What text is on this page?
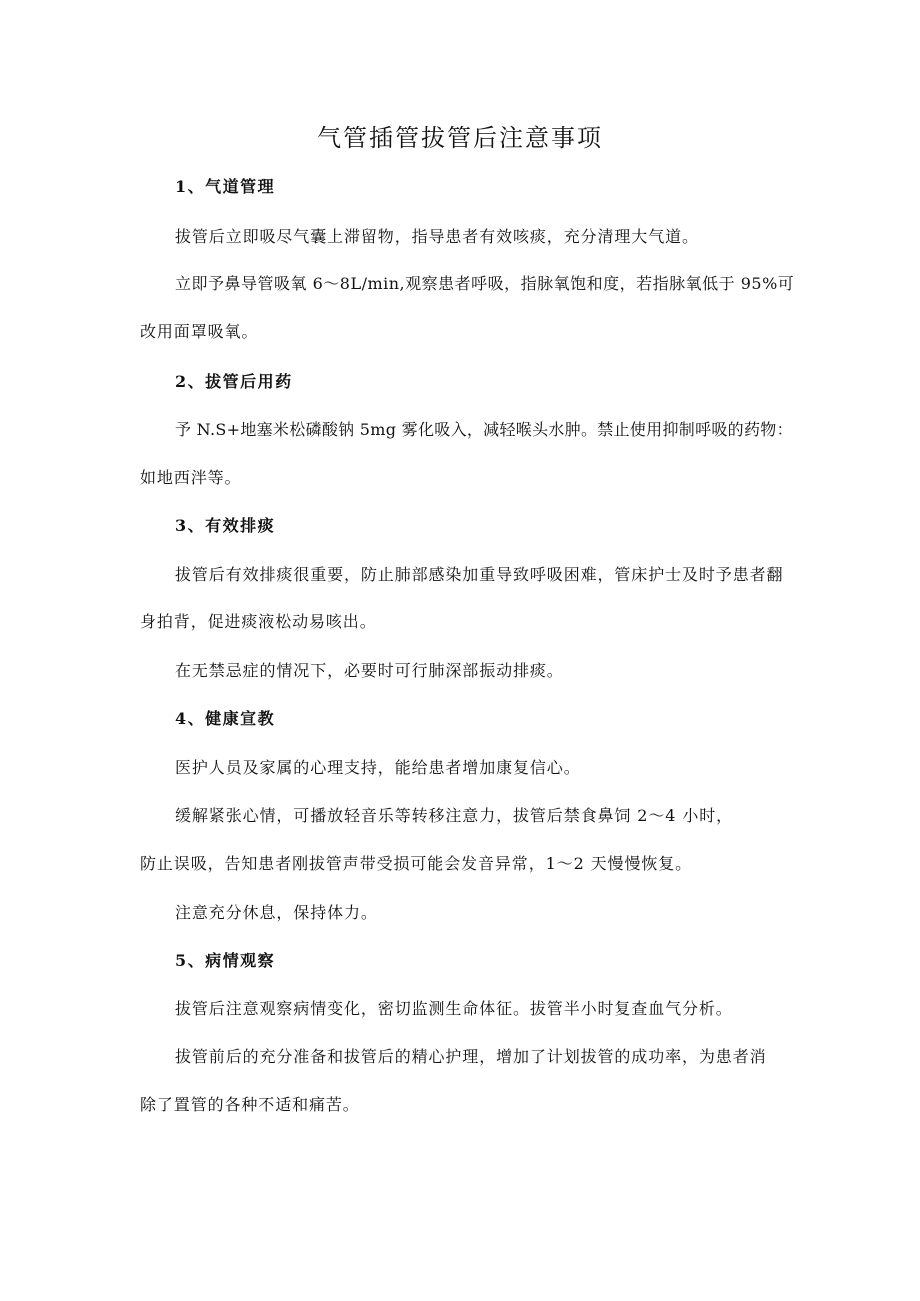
气管插管拔管后注意事项
1、气道管理
拔管后立即吸尽气囊上滞留物，指导患者有效咳痰，充分清理大气道。
立即予鼻导管吸氧 6～8L/min,观察患者呼吸，指脉氧饱和度，若指脉氧低于 95%可
改用面罩吸氧。
2、拔管后用药
予 N.S+地塞米松磷酸钠 5mg 雾化吸入，减轻喉头水肿。禁止使用抑制呼吸的药物：
如地西泮等。
3、有效排痰
拔管后有效排痰很重要，防止肺部感染加重导致呼吸困难，管床护士及时予患者翻
身拍背，促进痰液松动易咳出。
在无禁忌症的情况下，必要时可行肺深部振动排痰。
4、健康宣教
医护人员及家属的心理支持，能给患者增加康复信心。
缓解紧张心情，可播放轻音乐等转移注意力，拔管后禁食鼻饲 2～4 小时，
防止误吸，告知患者刚拔管声带受损可能会发音异常，1～2 天慢慢恢复。
注意充分休息，保持体力。
5、病情观察
拔管后注意观察病情变化，密切监测生命体征。拔管半小时复查血气分析。
拔管前后的充分准备和拔管后的精心护理，增加了计划拔管的成功率，为患者消
除了置管的各种不适和痛苦。
